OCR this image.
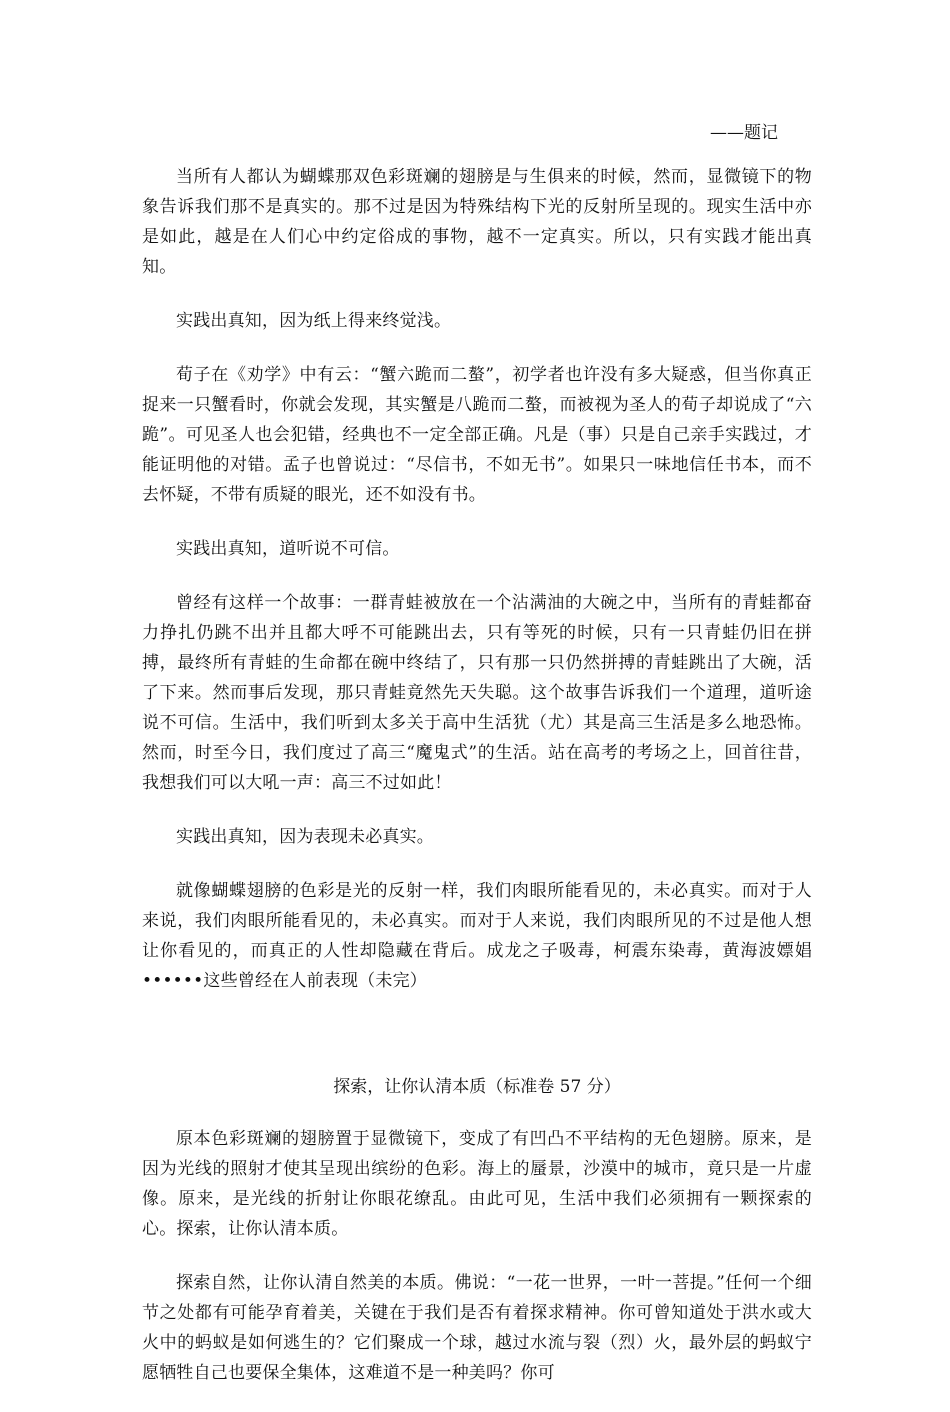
——题记

当所有人都认为蝴蝶那双色彩斑斓的翅膀是与生俱来的时候，然而，显微镜下的物象告诉我们那不是真实的。那不过是因为特殊结构下光的反射所呈现的。现实生活中亦是如此，越是在人们心中约定俗成的事物，越不一定真实。所以，只有实践才能出真知。

实践出真知，因为纸上得来终觉浅。

荀子在《劝学》中有云：“蟹六跪而二螯”，初学者也许没有多大疑惑，但当你真正捉来一只蟹看时，你就会发现，其实蟹是八跪而二螯，而被视为圣人的荀子却说成了“六跪”。可见圣人也会犯错，经典也不一定全部正确。凡是（事）只是自己亲手实践过，才能证明他的对错。孟子也曾说过：“尽信书，不如无书”。如果只一味地信任书本，而不去怀疑，不带有质疑的眼光，还不如没有书。

实践出真知，道听说不可信。

曾经有这样一个故事：一群青蛙被放在一个沾满油的大碗之中，当所有的青蛙都奋力挣扎仍跳不出并且都大呼不可能跳出去，只有等死的时候，只有一只青蛙仍旧在拼搏，最终所有青蛙的生命都在碗中终结了，只有那一只仍然拼搏的青蛙跳出了大碗，活了下来。然而事后发现，那只青蛙竟然先天失聪。这个故事告诉我们一个道理，道听途说不可信。生活中，我们听到太多关于高中生活犹（尤）其是高三生活是多么地恐怖。然而，时至今日，我们度过了高三“魔鬼式”的生活。站在高考的考场之上，回首往昔，我想我们可以大吼一声：高三不过如此！

实践出真知，因为表现未必真实。

就像蝴蝶翅膀的色彩是光的反射一样，我们肉眼所能看见的，未必真实。而对于人来说，我们肉眼所能看见的，未必真实。而对于人来说，我们肉眼所见的不过是他人想让你看见的，而真正的人性却隐藏在背后。成龙之子吸毒，柯震东染毒，黄海波嫖娼••••••这些曾经在人前表现（未完）

探索，让你认清本质（标准卷 57 分）

原本色彩斑斓的翅膀置于显微镜下，变成了有凹凸不平结构的无色翅膀。原来，是因为光线的照射才使其呈现出缤纷的色彩。海上的蜃景，沙漠中的城市，竟只是一片虚像。原来，是光线的折射让你眼花缭乱。由此可见，生活中我们必须拥有一颗探索的心。探索，让你认清本质。

探索自然，让你认清自然美的本质。佛说：“一花一世界，一叶一菩提。”任何一个细节之处都有可能孕育着美，关键在于我们是否有着探求精神。你可曾知道处于洪水或大火中的蚂蚁是如何逃生的？它们聚成一个球，越过水流与裂（烈）火，最外层的蚂蚁宁愿牺牲自己也要保全集体，这难道不是一种美吗？你可
